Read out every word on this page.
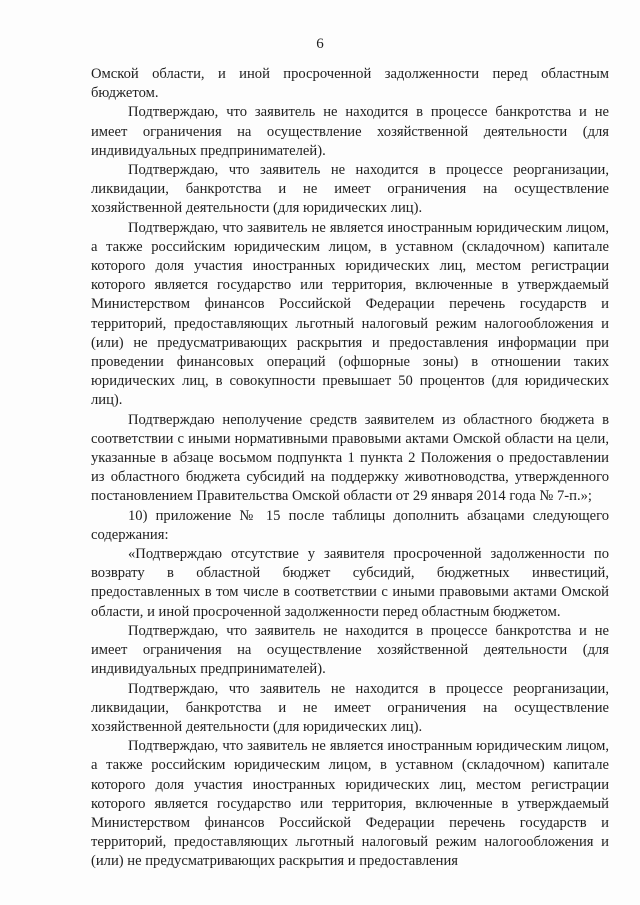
6

Омской области, и иной просроченной задолженности перед областным бюджетом.

Подтверждаю, что заявитель не находится в процессе банкротства и не имеет ограничения на осуществление хозяйственной деятельности (для индивидуальных предпринимателей).

Подтверждаю, что заявитель не находится в процессе реорганизации, ликвидации, банкротства и не имеет ограничения на осуществление хозяйственной деятельности (для юридических лиц).

Подтверждаю, что заявитель не является иностранным юридическим лицом, а также российским юридическим лицом, в уставном (складочном) капитале которого доля участия иностранных юридических лиц, местом регистрации которого является государство или территория, включенные в утверждаемый Министерством финансов Российской Федерации перечень государств и территорий, предоставляющих льготный налоговый режим налогообложения и (или) не предусматривающих раскрытия и предоставления информации при проведении финансовых операций (офшорные зоны) в отношении таких юридических лиц, в совокупности превышает 50 процентов (для юридических лиц).

Подтверждаю неполучение средств заявителем из областного бюджета в соответствии с иными нормативными правовыми актами Омской области на цели, указанные в абзаце восьмом подпункта 1 пункта 2 Положения о предоставлении из областного бюджета субсидий на поддержку животноводства, утвержденного постановлением Правительства Омской области от 29 января 2014 года № 7-п.»;

10) приложение № 15 после таблицы дополнить абзацами следующего содержания:

«Подтверждаю отсутствие у заявителя просроченной задолженности по возврату в областной бюджет субсидий, бюджетных инвестиций, предоставленных в том числе в соответствии с иными правовыми актами Омской области, и иной просроченной задолженности перед областным бюджетом.

Подтверждаю, что заявитель не находится в процессе банкротства и не имеет ограничения на осуществление хозяйственной деятельности (для индивидуальных предпринимателей).

Подтверждаю, что заявитель не находится в процессе реорганизации, ликвидации, банкротства и не имеет ограничения на осуществление хозяйственной деятельности (для юридических лиц).

Подтверждаю, что заявитель не является иностранным юридическим лицом, а также российским юридическим лицом, в уставном (складочном) капитале которого доля участия иностранных юридических лиц, местом регистрации которого является государство или территория, включенные в утверждаемый Министерством финансов Российской Федерации перечень государств и территорий, предоставляющих льготный налоговый режим налогообложения и (или) не предусматривающих раскрытия и предоставления
